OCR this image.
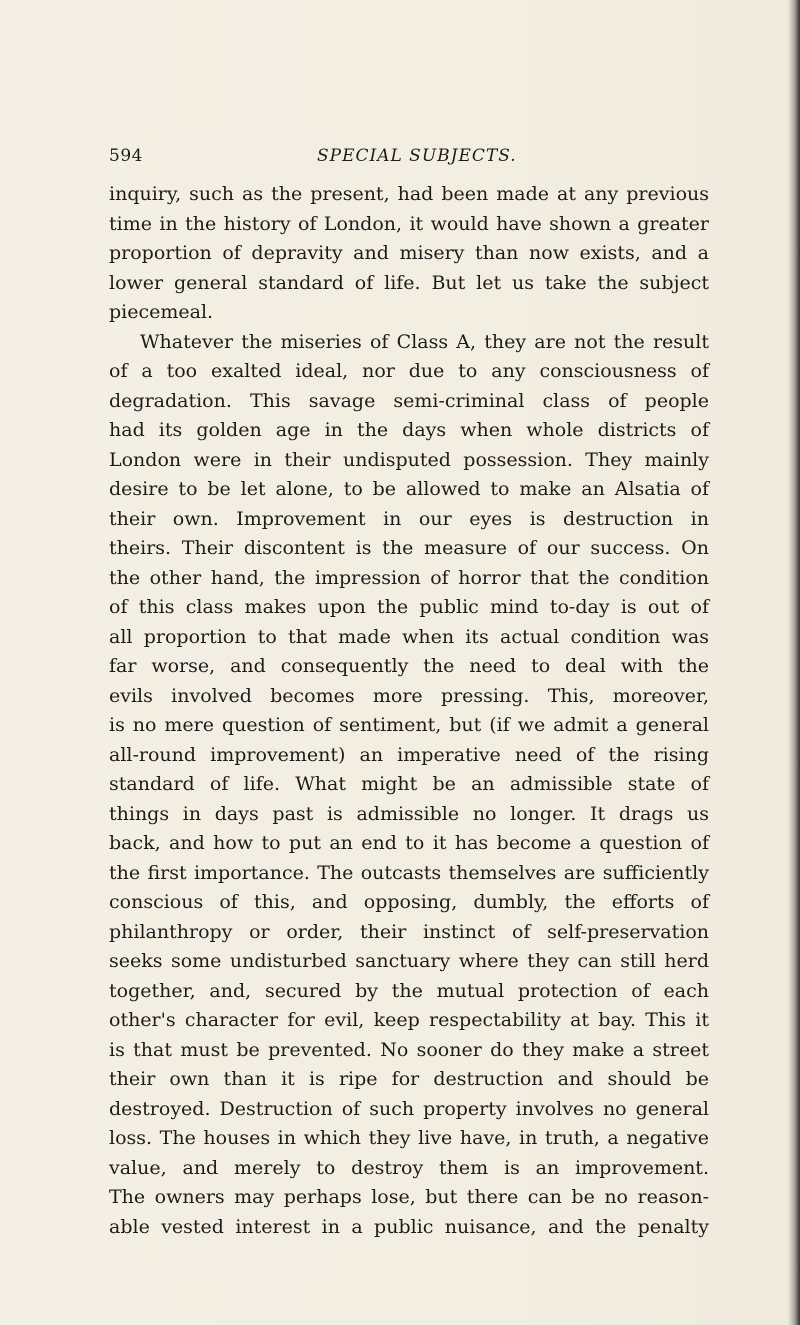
594	SPECIAL SUBJECTS.
inquiry, such as the present, had been made at any previous
time in the history of London, it would have shown a greater
proportion of depravity and misery than now exists, and a
lower general standard of life. But let us take the subject
piecemeal.
Whatever the miseries of Class A, they are not the result
of a too exalted ideal, nor due to any consciousness of
degradation. This savage semi-criminal class of people
had its golden age in the days when whole districts of
London were in their undisputed possession. They mainly
desire to be let alone, to be allowed to make an Alsatia of
their own. Improvement in our eyes is destruction in
theirs. Their discontent is the measure of our success. On
the other hand, the impression of horror that the condition
of this class makes upon the public mind to-day is out of
all proportion to that made when its actual condition was
far worse, and consequently the need to deal with the
evils involved becomes more pressing. This, moreover,
is no mere question of sentiment, but (if we admit a general
all-round improvement) an imperative need of the rising
standard of life. What might be an admissible state of
things in days past is admissible no longer. It drags us
back, and how to put an end to it has become a question of
the first importance. The outcasts themselves are sufficiently
conscious of this, and opposing, dumbly, the efforts of
philanthropy or order, their instinct of self-preservation
seeks some undisturbed sanctuary where they can still herd
together, and, secured by the mutual protection of each
other's character for evil, keep respectability at bay. This it
is that must be prevented. No sooner do they make a street
their own than it is ripe for destruction and should be
destroyed. Destruction of such property involves no general
loss. The houses in which they live have, in truth, a negative
value, and merely to destroy them is an improvement.
The owners may perhaps lose, but there can be no reason-
able vested interest in a public nuisance, and the penalty
